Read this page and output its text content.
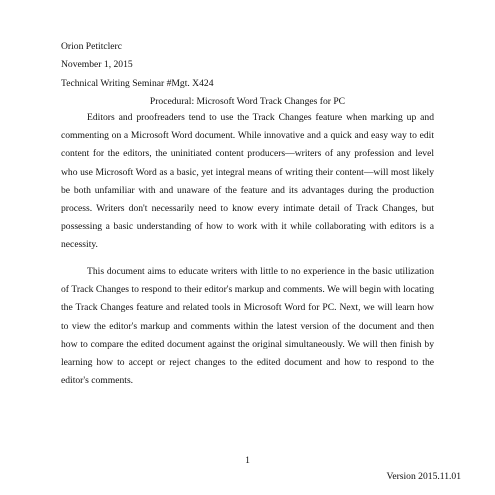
Orion Petitclerc
November 1, 2015
Technical Writing Seminar #Mgt. X424
Procedural: Microsoft Word Track Changes for PC

Editors and proofreaders tend to use the Track Changes feature when marking up and commenting on a Microsoft Word document. While innovative and a quick and easy way to edit content for the editors, the uninitiated content producers—writers of any profession and level who use Microsoft Word as a basic, yet integral means of writing their content—will most likely be both unfamiliar with and unaware of the feature and its advantages during the production process. Writers don't necessarily need to know every intimate detail of Track Changes, but possessing a basic understanding of how to work with it while collaborating with editors is a necessity.

This document aims to educate writers with little to no experience in the basic utilization of Track Changes to respond to their editor's markup and comments. We will begin with locating the Track Changes feature and related tools in Microsoft Word for PC. Next, we will learn how to view the editor's markup and comments within the latest version of the document and then how to compare the edited document against the original simultaneously. We will then finish by learning how to accept or reject changes to the edited document and how to respond to the editor's comments.

1
Version 2015.11.01
